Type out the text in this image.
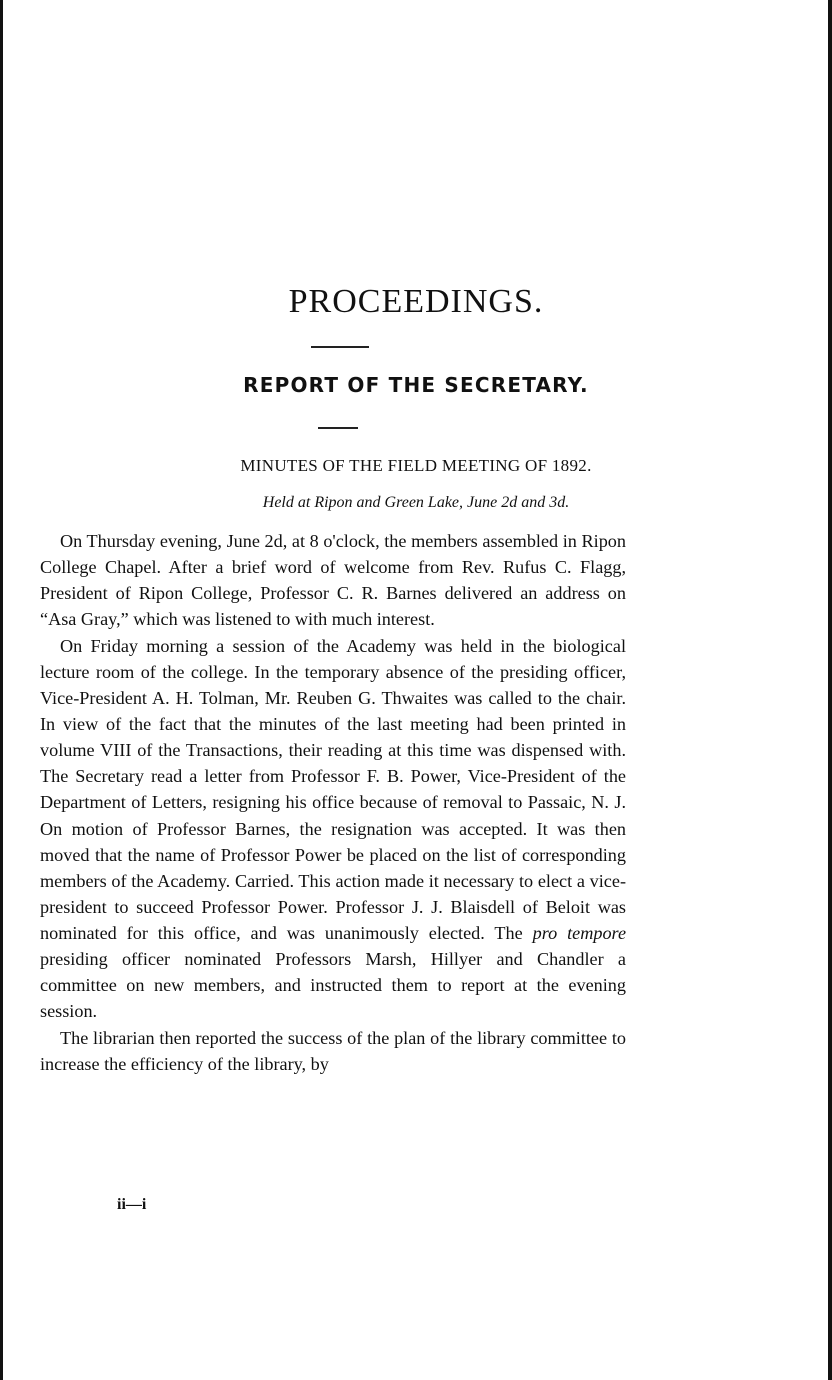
PROCEEDINGS.
REPORT OF THE SECRETARY.
MINUTES OF THE FIELD MEETING OF 1892.
Held at Ripon and Green Lake, June 2d and 3d.

On Thursday evening, June 2d, at 8 o'clock, the members assembled in Ripon College Chapel. After a brief word of welcome from Rev. Rufus C. Flagg, President of Ripon College, Professor C. R. Barnes delivered an address on “Asa Gray,” which was listened to with much interest.

On Friday morning a session of the Academy was held in the biological lecture room of the college. In the temporary absence of the presiding officer, Vice-President A. H. Tolman, Mr. Reuben G. Thwaites was called to the chair. In view of the fact that the minutes of the last meeting had been printed in volume VIII of the Transactions, their reading at this time was dispensed with. The Secretary read a letter from Professor F. B. Power, Vice-President of the Department of Letters, resigning his office because of removal to Passaic, N. J. On motion of Professor Barnes, the resignation was accepted. It was then moved that the name of Professor Power be placed on the list of corresponding members of the Academy. Carried. This action made it necessary to elect a vice-president to succeed Professor Power. Professor J. J. Blaisdell of Beloit was nominated for this office, and was unanimously elected. The pro tempore presiding officer nominated Professors Marsh, Hillyer and Chandler a committee on new members, and instructed them to report at the evening session.

The librarian then reported the success of the plan of the library committee to increase the efficiency of the library, by

ii—i
